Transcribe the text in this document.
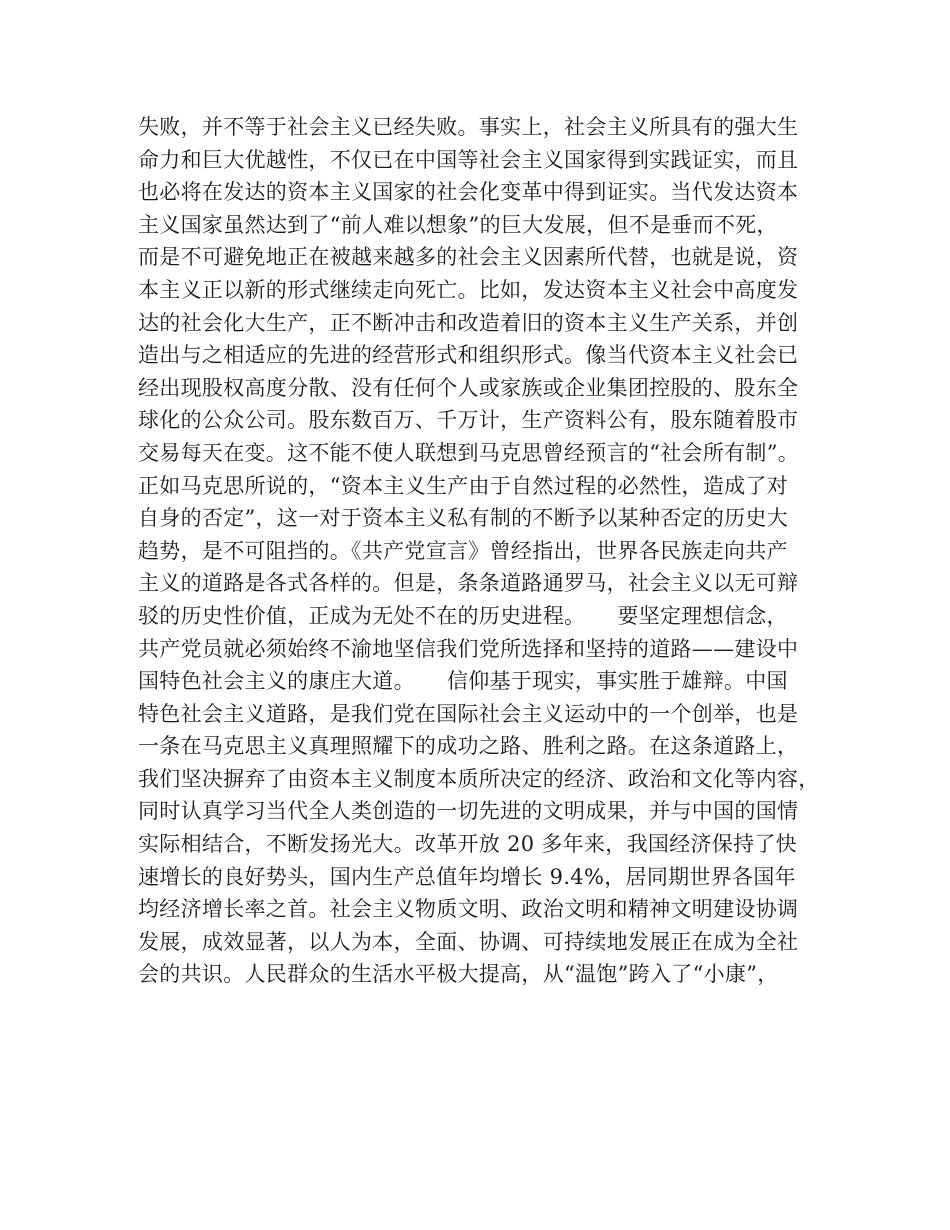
失败，并不等于社会主义已经失败。事实上，社会主义所具有的强大生
命力和巨大优越性，不仅已在中国等社会主义国家得到实践证实，而且
也必将在发达的资本主义国家的社会化变革中得到证实。当代发达资本
主义国家虽然达到了“前人难以想象”的巨大发展，但不是垂而不死，
而是不可避免地正在被越来越多的社会主义因素所代替，也就是说，资
本主义正以新的形式继续走向死亡。比如，发达资本主义社会中高度发
达的社会化大生产，正不断冲击和改造着旧的资本主义生产关系，并创
造出与之相适应的先进的经营形式和组织形式。像当代资本主义社会已
经出现股权高度分散、没有任何个人或家族或企业集团控股的、股东全
球化的公众公司。股东数百万、千万计，生产资料公有，股东随着股市
交易每天在变。这不能不使人联想到马克思曾经预言的“社会所有制”。
正如马克思所说的，“资本主义生产由于自然过程的必然性，造成了对
自身的否定”，这一对于资本主义私有制的不断予以某种否定的历史大
趋势，是不可阻挡的。《共产党宣言》曾经指出，世界各民族走向共产
主义的道路是各式各样的。但是，条条道路通罗马，社会主义以无可辩
驳的历史性价值，正成为无处不在的历史进程。　　要坚定理想信念，
共产党员就必须始终不渝地坚信我们党所选择和坚持的道路——建设中
国特色社会主义的康庄大道。　　信仰基于现实，事实胜于雄辩。中国
特色社会主义道路，是我们党在国际社会主义运动中的一个创举，也是
一条在马克思主义真理照耀下的成功之路、胜利之路。在这条道路上，
我们坚决摒弃了由资本主义制度本质所决定的经济、政治和文化等内容，
同时认真学习当代全人类创造的一切先进的文明成果，并与中国的国情
实际相结合，不断发扬光大。改革开放 20 多年来，我国经济保持了快
速增长的良好势头，国内生产总值年均增长 9.4%，居同期世界各国年
均经济增长率之首。社会主义物质文明、政治文明和精神文明建设协调
发展，成效显著，以人为本，全面、协调、可持续地发展正在成为全社
会的共识。人民群众的生活水平极大提高，从“温饱”跨入了“小康”，
